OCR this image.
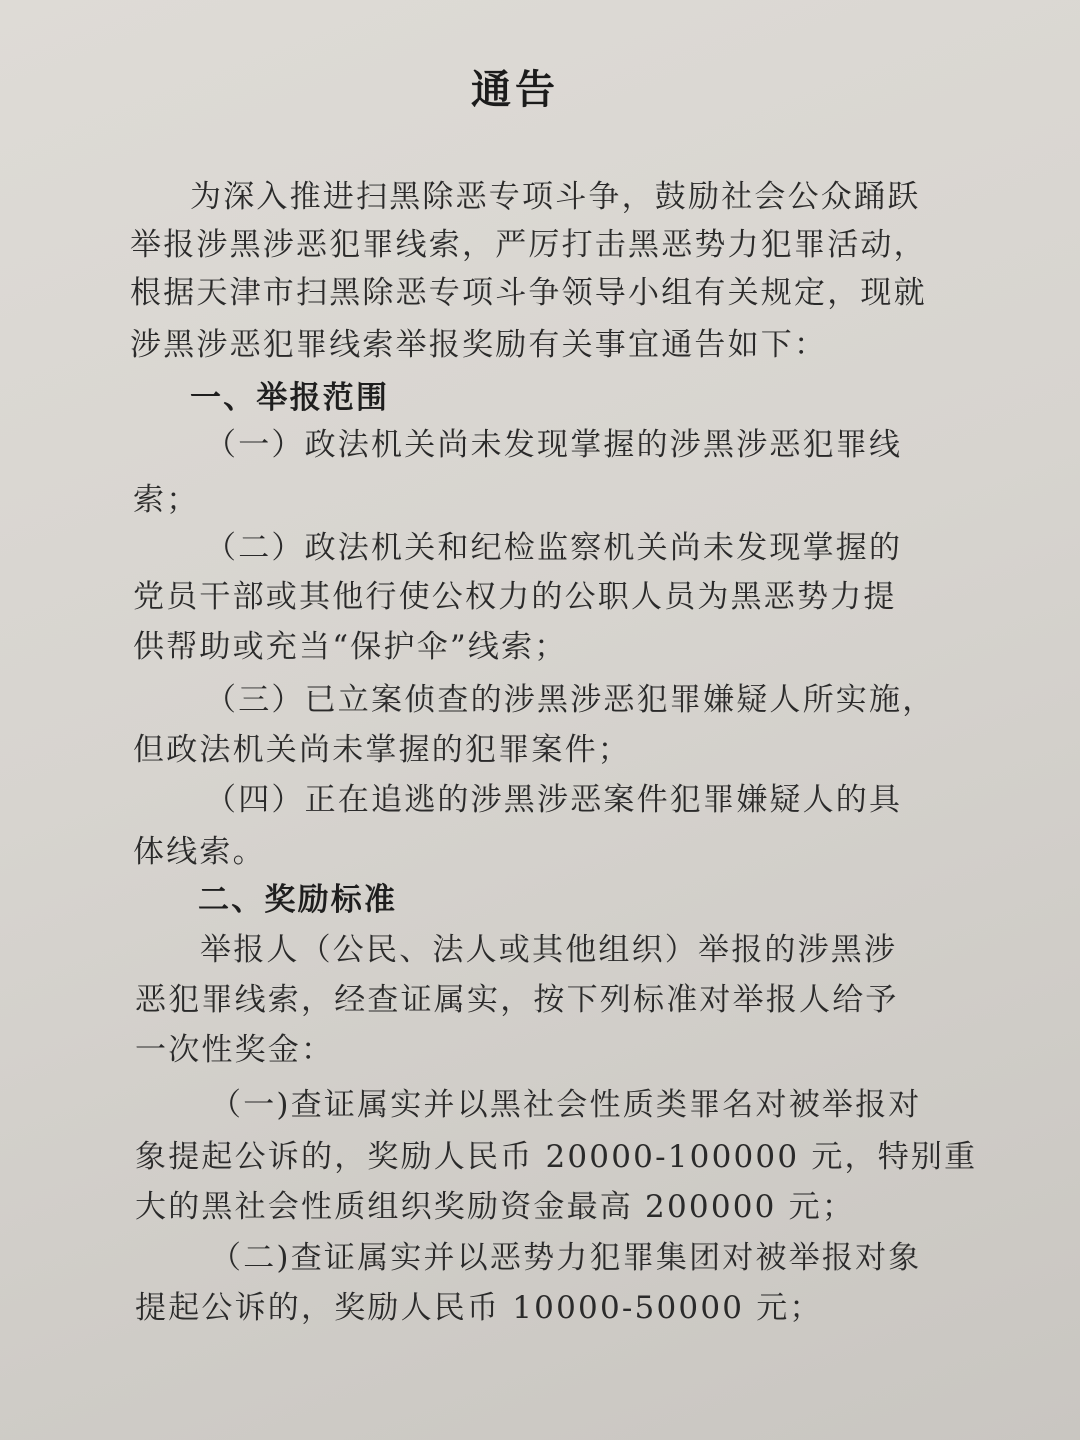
通告
为深入推进扫黑除恶专项斗争，鼓励社会公众踊跃
举报涉黑涉恶犯罪线索，严厉打击黑恶势力犯罪活动，
根据天津市扫黑除恶专项斗争领导小组有关规定，现就
涉黑涉恶犯罪线索举报奖励有关事宜通告如下：
一、举报范围
（一）政法机关尚未发现掌握的涉黑涉恶犯罪线
索；
（二）政法机关和纪检监察机关尚未发现掌握的
党员干部或其他行使公权力的公职人员为黑恶势力提
供帮助或充当“保护伞”线索；
（三）已立案侦查的涉黑涉恶犯罪嫌疑人所实施，
但政法机关尚未掌握的犯罪案件；
（四）正在追逃的涉黑涉恶案件犯罪嫌疑人的具
体线索。
二、奖励标准
举报人（公民、法人或其他组织）举报的涉黑涉
恶犯罪线索，经查证属实，按下列标准对举报人给予
一次性奖金：
（一)查证属实并以黑社会性质类罪名对被举报对
象提起公诉的，奖励人民币 20000-100000 元，特别重
大的黑社会性质组织奖励资金最高 200000 元；
（二)查证属实并以恶势力犯罪集团对被举报对象
提起公诉的，奖励人民币 10000-50000 元；
